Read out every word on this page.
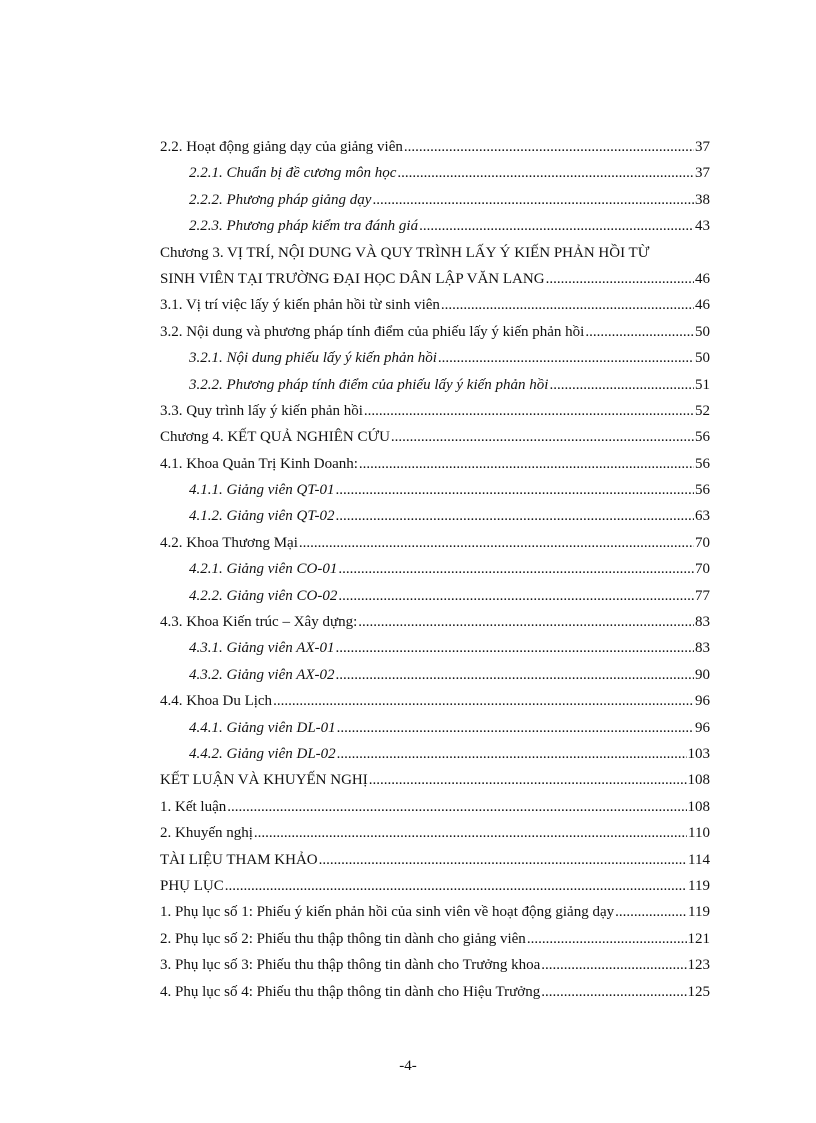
2.2. Hoạt động giảng dạy của giảng viên .....	37
2.2.1. Chuẩn bị đề cương môn học .....	37
2.2.2. Phương pháp giảng dạy .....	38
2.2.3. Phương pháp kiểm tra đánh giá .....	43
Chương 3. VỊ TRÍ, NỘI DUNG VÀ QUY TRÌNH LẤY Ý KIẾN PHẢN HỒI TỪ
SINH VIÊN TẠI TRƯỜNG ĐẠI HỌC DÂN LẬP VĂN LANG .....	46
3.1. Vị trí việc lấy ý kiến phản hồi từ sinh viên .....	46
3.2. Nội dung và phương pháp tính điểm của phiếu lấy ý kiến phản hồi .....	50
3.2.1. Nội dung phiếu lấy ý kiến phản hồi .....	50
3.2.2. Phương pháp tính điểm của phiếu lấy ý kiến phản hồi .....	51
3.3. Quy trình lấy ý kiến phản hồi .....	52
Chương 4. KẾT QUẢ NGHIÊN CỨU .....	56
4.1. Khoa Quản Trị Kinh Doanh: .....	56
4.1.1. Giảng viên QT-01 .....	56
4.1.2. Giảng viên QT-02 .....	63
4.2. Khoa Thương Mại .....	70
4.2.1. Giảng viên CO-01 .....	70
4.2.2. Giảng viên CO-02 .....	77
4.3. Khoa Kiến trúc – Xây dựng: .....	83
4.3.1. Giảng viên AX-01 .....	83
4.3.2. Giảng viên AX-02 .....	90
4.4. Khoa Du Lịch .....	96
4.4.1. Giảng viên DL-01 .....	96
4.4.2. Giảng viên DL-02 .....	103
KẾT LUẬN VÀ KHUYẾN NGHỊ .....	108
1. Kết luận .....	108
2. Khuyến nghị .....	110
TÀI LIỆU THAM KHẢO .....	114
PHỤ LỤC .....	119
1. Phụ lục số 1: Phiếu ý kiến phản hồi của sinh viên về hoạt động giảng dạy .....	119
2. Phụ lục số 2: Phiếu thu thập thông tin dành cho giảng viên .....	121
3. Phụ lục số 3: Phiếu thu thập thông tin dành cho Trưởng khoa .....	123
4. Phụ lục số 4: Phiếu thu thập thông tin dành cho Hiệu Trưởng .....	125
-4-
